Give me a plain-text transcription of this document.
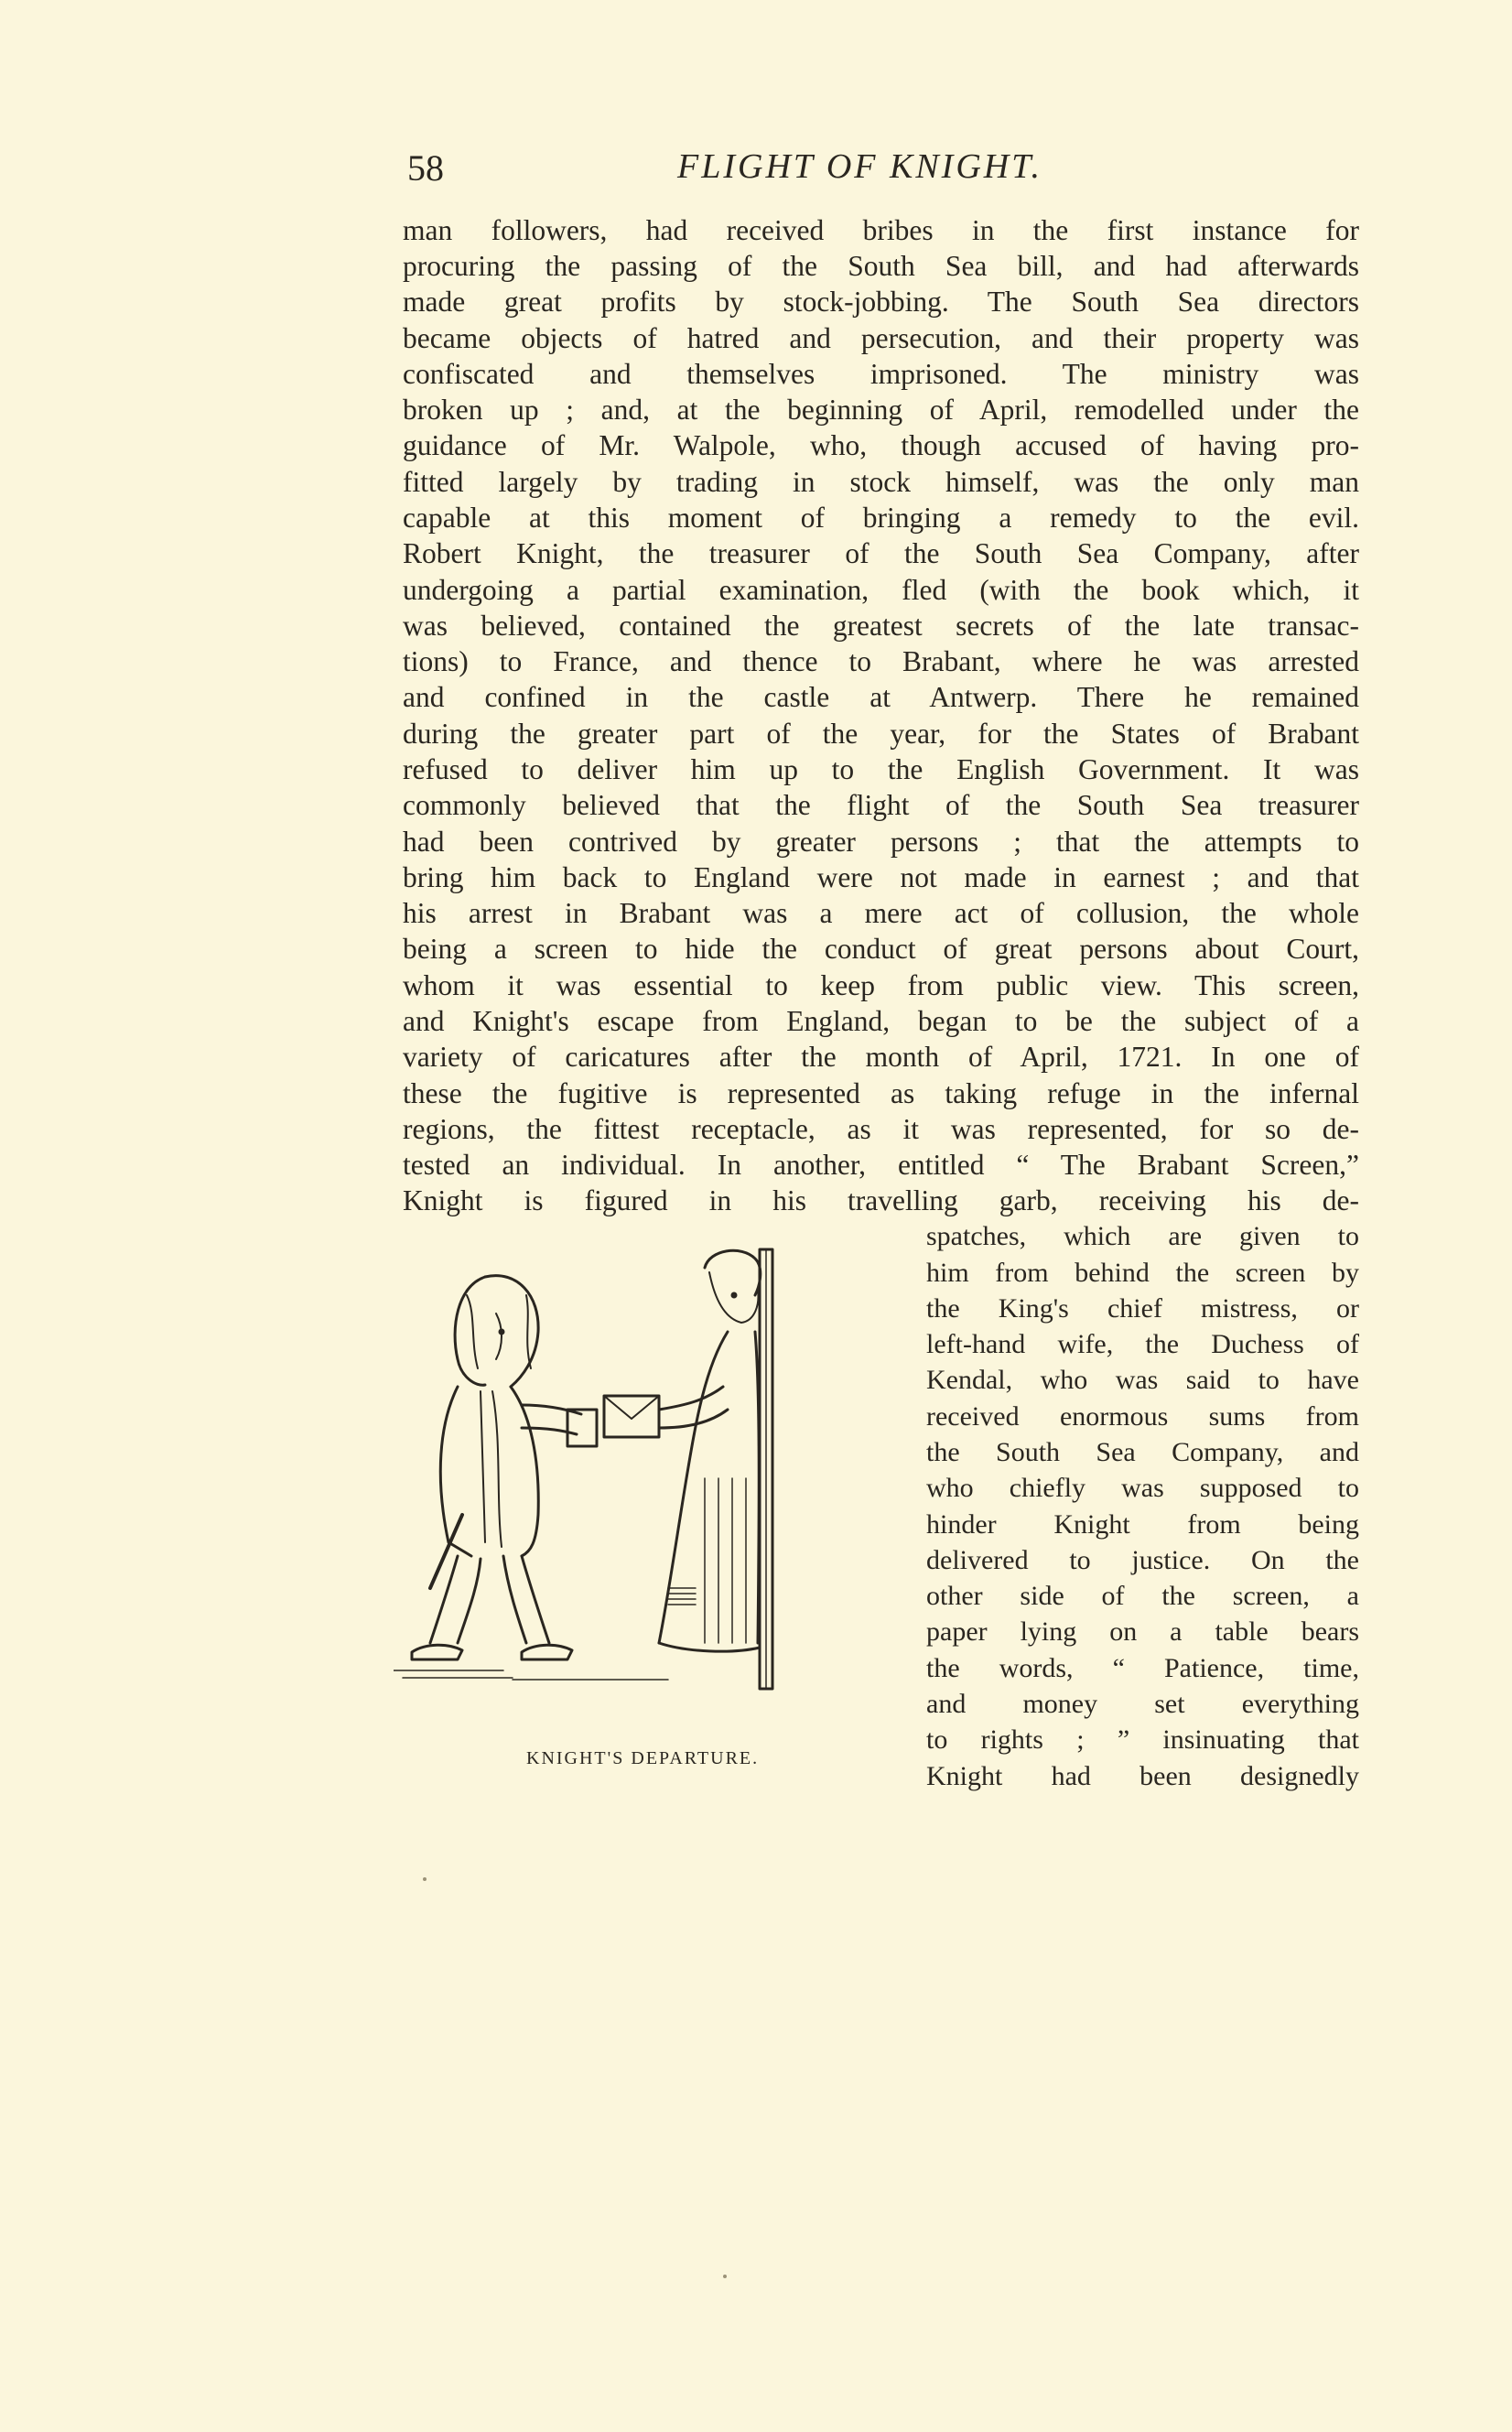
58	FLIGHT OF KNIGHT.
man followers, had received bribes in the first instance for
procuring the passing of the South Sea bill, and had afterwards
made great profits by stock-jobbing. The South Sea directors
became objects of hatred and persecution, and their property was
confiscated and themselves imprisoned. The ministry was
broken up ; and, at the beginning of April, remodelled under the
guidance of Mr. Walpole, who, though accused of having pro-
fitted largely by trading in stock himself, was the only man
capable at this moment of bringing a remedy to the evil.
Robert Knight, the treasurer of the South Sea Company, after
undergoing a partial examination, fled (with the book which, it
was believed, contained the greatest secrets of the late transac-
tions) to France, and thence to Brabant, where he was arrested
and confined in the castle at Antwerp. There he remained
during the greater part of the year, for the States of Brabant
refused to deliver him up to the English Government. It was
commonly believed that the flight of the South Sea treasurer
had been contrived by greater persons ; that the attempts to
bring him back to England were not made in earnest ; and that
his arrest in Brabant was a mere act of collusion, the whole
being a screen to hide the conduct of great persons about Court,
whom it was essential to keep from public view. This screen,
and Knight's escape from England, began to be the subject of a
variety of caricatures after the month of April, 1721. In one of
these the fugitive is represented as taking refuge in the infernal
regions, the fittest receptacle, as it was represented, for so de-
tested an individual. In another, entitled “ The Brabant Screen,”
Knight is figured in his travelling garb, receiving his de-
spatches, which are given to
him from behind the screen by
the King's chief mistress, or
left-hand wife, the Duchess of
Kendal, who was said to have
received enormous sums from
the South Sea Company, and
who chiefly was supposed to
hinder Knight from being
delivered to justice. On the
other side of the screen, a
paper lying on a table bears
the words, “ Patience, time,
and money set everything
to rights ; ” insinuating that
Knight had been designedly
KNIGHT'S DEPARTURE.
